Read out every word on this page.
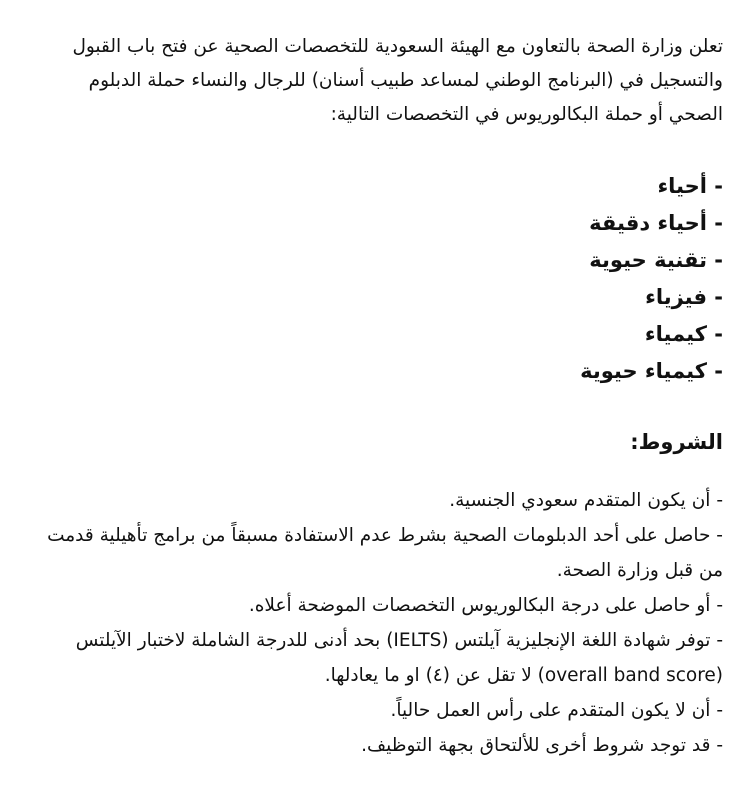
تعلن وزارة الصحة بالتعاون مع الهيئة السعودية للتخصصات الصحية عن فتح باب القبول والتسجيل في (البرنامج الوطني لمساعد طبيب أسنان) للرجال والنساء حملة الدبلوم الصحي أو حملة البكالوريوس في التخصصات التالية:

- أحياء
- أحياء دقيقة
- تقنية حيوية
- فيزياء
- كيمياء
- كيمياء حيوية
الشروط:
- أن يكون المتقدم سعودي الجنسية.
- حاصل على أحد الدبلومات الصحية بشرط عدم الاستفادة مسبقاً من برامج تأهيلية قدمت من قبل وزارة الصحة.
- أو حاصل على درجة البكالوريوس التخصصات الموضحة أعلاه.
- توفر شهادة اللغة الإنجليزية آيلتس (IELTS) بحد أدنى للدرجة الشاملة لاختبار الآيلتس (overall band score) لا تقل عن (٤) او ما يعادلها.
- أن لا يكون المتقدم على رأس العمل حالياً.
- قد توجد شروط أخرى للألتحاق بجهة التوظيف.
